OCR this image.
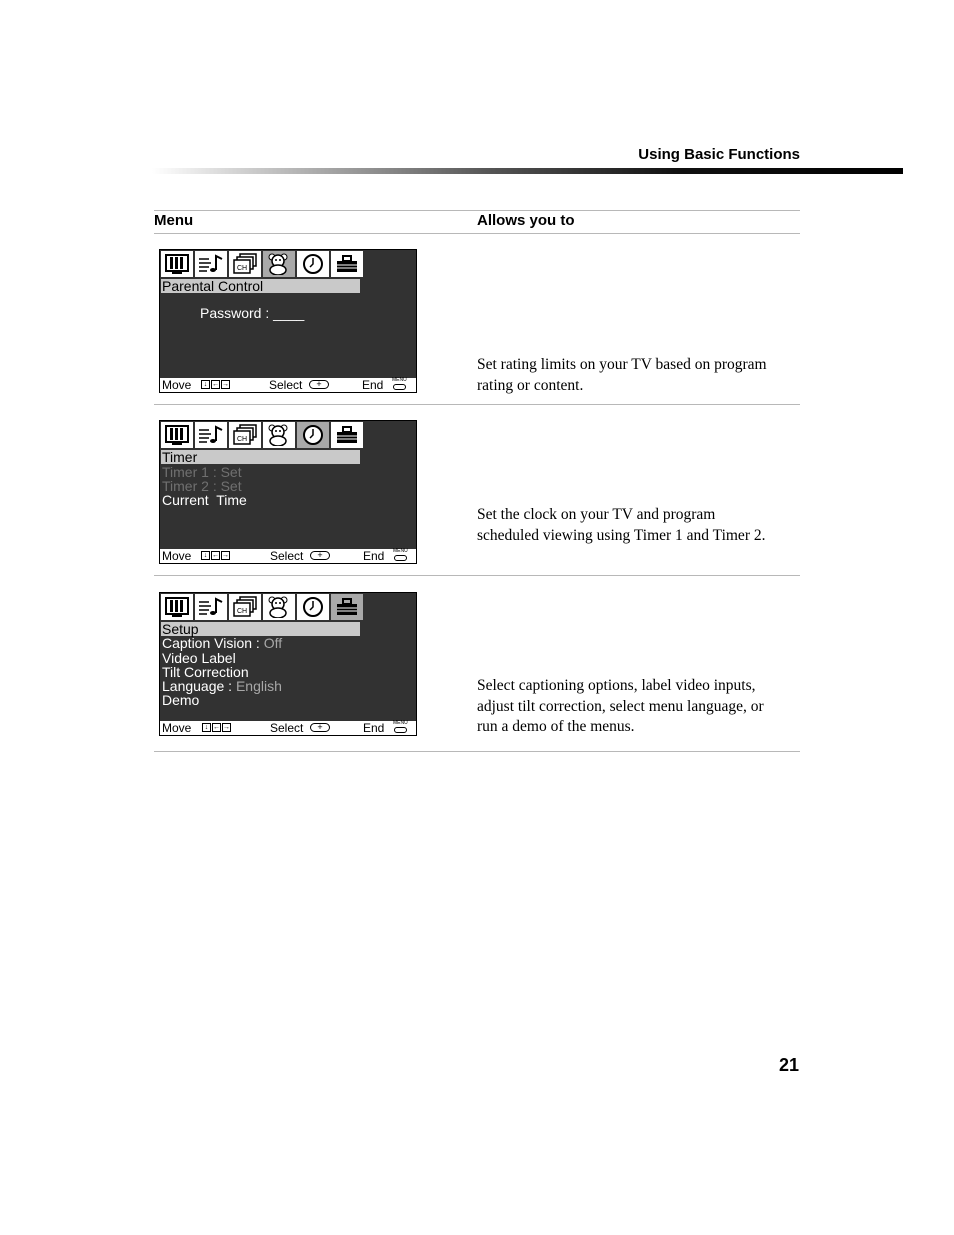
Using Basic Functions
Menu	Allows you to
CH
Parental Control
Password : ____
Move	↓ ← →	Select	+	End MENU
Set rating limits on your TV based on program rating or content.
CH
Timer
Timer 1 : Set
Timer 2 : Set
Current  Time
Move	↓ ← →	Select	+	End MENU
Set the clock on your TV and program scheduled viewing using Timer 1 and Timer 2.
CH
Setup
Caption Vision : Off
Video Label
Tilt Correction
Language : English
Demo
Move	↓ ← →	Select	+	End MENU
Select captioning options, label video inputs, adjust tilt correction, select menu language, or run a demo of the menus.
21
